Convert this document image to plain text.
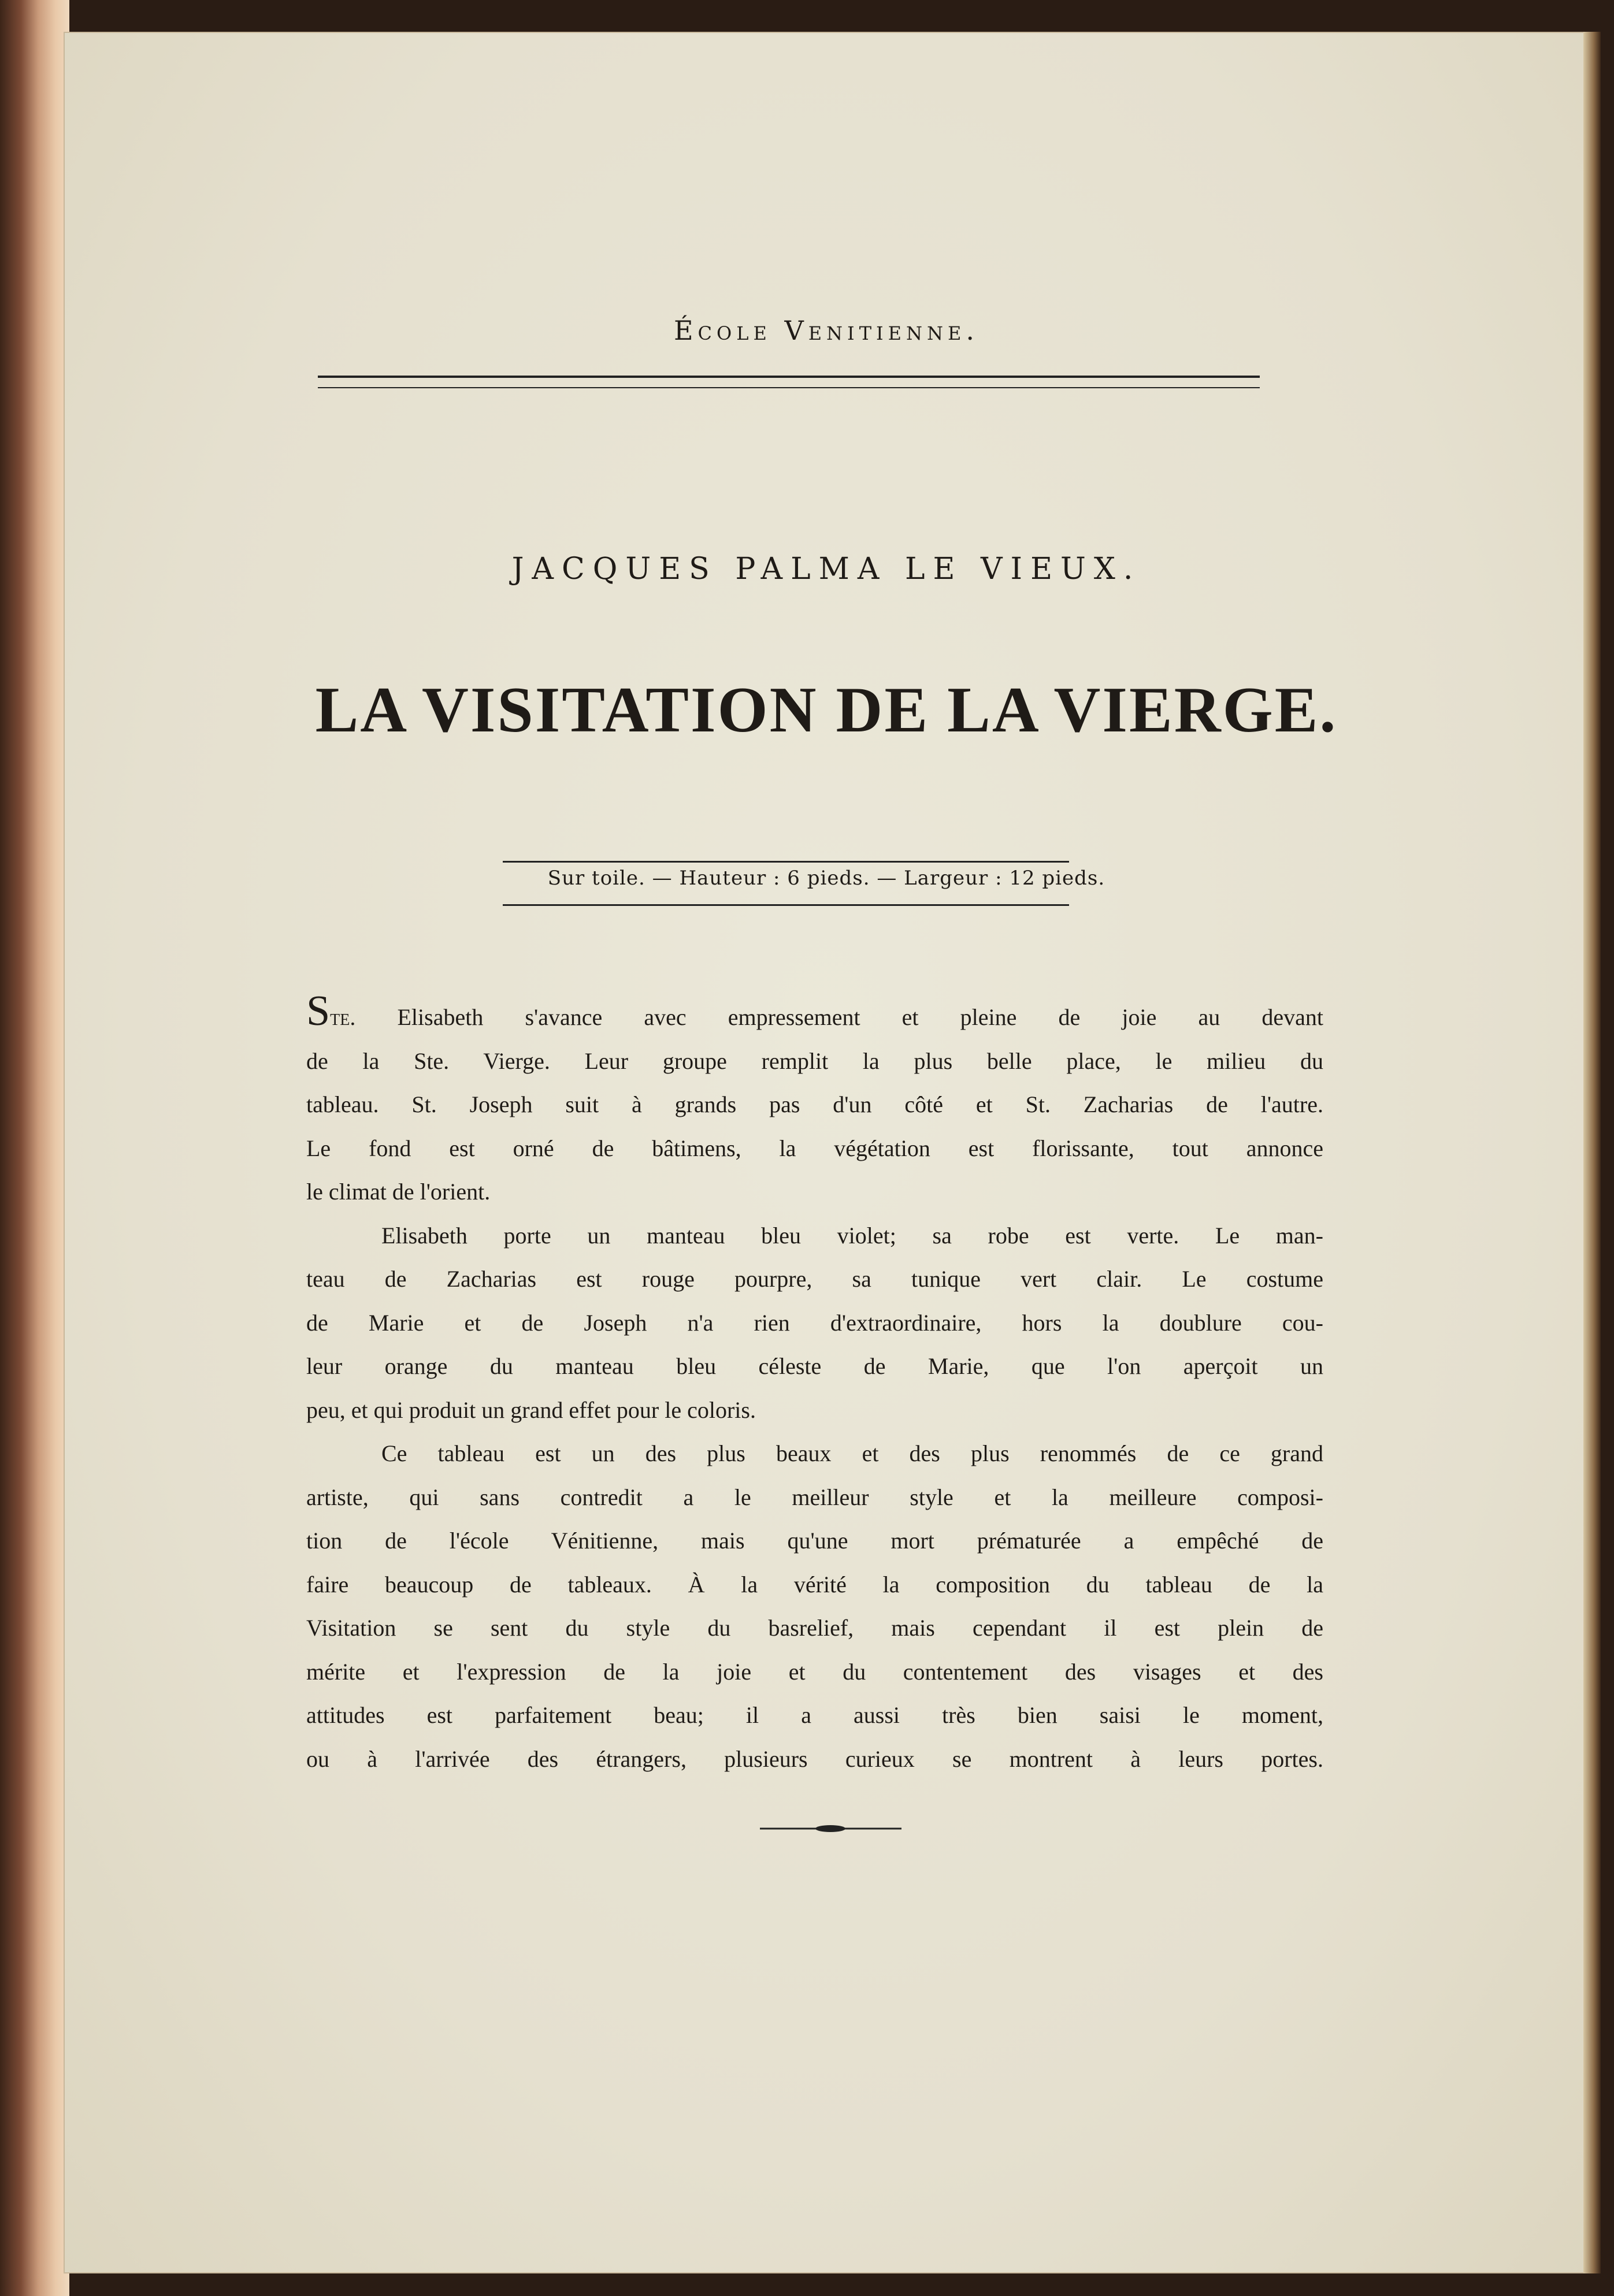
École Venitienne.
JACQUES PALMA LE VIEUX.
LA VISITATION DE LA VIERGE.
Sur toile. — Hauteur : 6 pieds. — Largeur : 12 pieds.
Ste. Elisabeth s'avance avec empressement et pleine de joie au devant
de la Ste. Vierge. Leur groupe remplit la plus belle place, le milieu du
tableau. St. Joseph suit à grands pas d'un côté et St. Zacharias de l'autre.
Le fond est orné de bâtimens, la végétation est florissante, tout annonce
le climat de l'orient.
Elisabeth porte un manteau bleu violet; sa robe est verte. Le man-
teau de Zacharias est rouge pourpre, sa tunique vert clair. Le costume
de Marie et de Joseph n'a rien d'extraordinaire, hors la doublure cou-
leur orange du manteau bleu céleste de Marie, que l'on aperçoit un
peu, et qui produit un grand effet pour le coloris.
Ce tableau est un des plus beaux et des plus renommés de ce grand
artiste, qui sans contredit a le meilleur style et la meilleure composi-
tion de l'école Vénitienne, mais qu'une mort prématurée a empêché de
faire beaucoup de tableaux. À la vérité la composition du tableau de la
Visitation se sent du style du basrelief, mais cependant il est plein de
mérite et l'expression de la joie et du contentement des visages et des
attitudes est parfaitement beau; il a aussi très bien saisi le moment,
ou à l'arrivée des étrangers, plusieurs curieux se montrent à leurs portes.
